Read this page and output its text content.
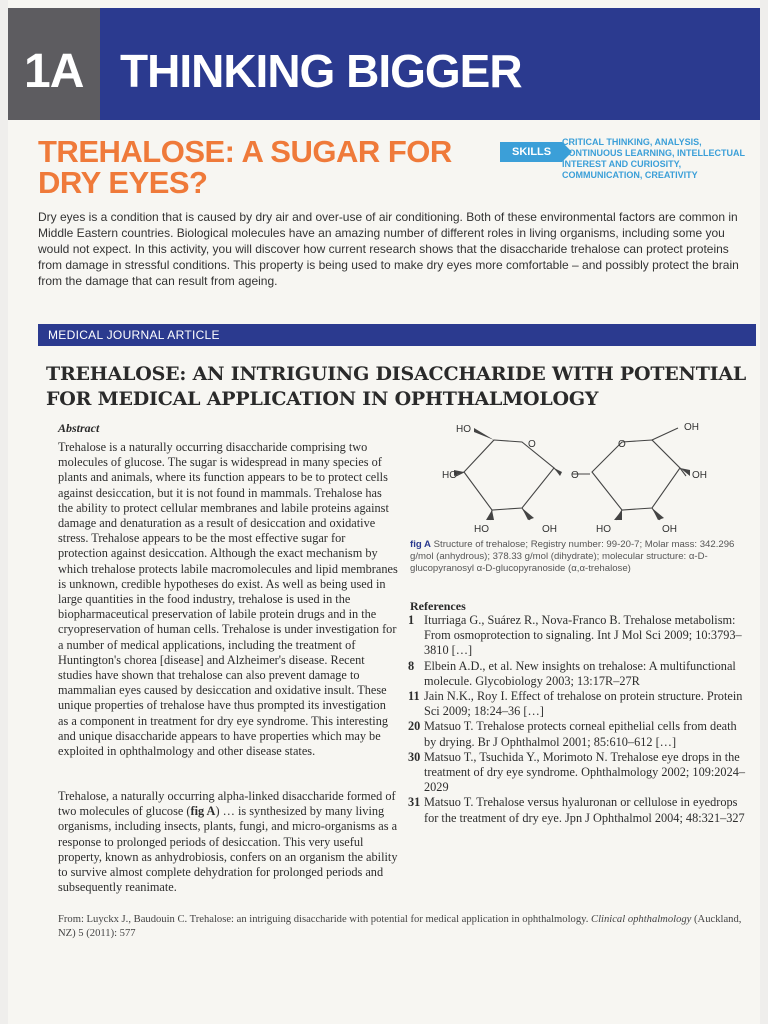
1A THINKING BIGGER
TREHALOSE: A SUGAR FOR DRY EYES?
SKILLS
CRITICAL THINKING, ANALYSIS, CONTINUOUS LEARNING, INTELLECTUAL INTEREST AND CURIOSITY, COMMUNICATION, CREATIVITY

Dry eyes is a condition that is caused by dry air and over-use of air conditioning. Both of these environmental factors are common in Middle Eastern countries. Biological molecules have an amazing number of different roles in living organisms, including some you would not expect. In this activity, you will discover how current research shows that the disaccharide trehalose can protect proteins from damage in stressful conditions. This property is being used to make dry eyes more comfortable – and possibly protect the brain from the damage that can result from ageing.

MEDICAL JOURNAL ARTICLE
TREHALOSE: AN INTRIGUING DISACCHARIDE WITH POTENTIAL FOR MEDICAL APPLICATION IN OPHTHALMOLOGY
Abstract

Trehalose is a naturally occurring disaccharide comprising two molecules of glucose. The sugar is widespread in many species of plants and animals, where its function appears to be to protect cells against desiccation, but it is not found in mammals. Trehalose has the ability to protect cellular membranes and labile proteins against damage and denaturation as a result of desiccation and oxidative stress. Trehalose appears to be the most effective sugar for protection against desiccation. Although the exact mechanism by which trehalose protects labile macromolecules and lipid membranes is unknown, credible hypotheses do exist. As well as being used in large quantities in the food industry, trehalose is used in the biopharmaceutical preservation of labile protein drugs and in the cryopreservation of human cells. Trehalose is under investigation for a number of medical applications, including the treatment of Huntington's chorea [disease] and Alzheimer's disease. Recent studies have shown that trehalose can also prevent damage to mammalian eyes caused by desiccation and oxidative insult. These unique properties of trehalose have thus prompted its investigation as a component in treatment for dry eye syndrome. This interesting and unique disaccharide appears to have properties which may be exploited in ophthalmology and other disease states.

Trehalose, a naturally occurring alpha-linked disaccharide formed of two molecules of glucose (fig A) … is synthesized by many living organisms, including insects, plants, fungi, and micro-organisms as a response to prolonged periods of desiccation. This very useful property, known as anhydrobiosis, confers on an organism the ability to survive almost complete dehydration for prolonged periods and subsequently reanimate.

HO
O
HO	O
HO	OH
O
OH
OH
HO	OH
fig A Structure of trehalose; Registry number: 99-20-7; Molar mass: 342.296 g/mol (anhydrous); 378.33 g/mol (dihydrate); molecular structure: α-D-glucopyranosyl α-D-glucopyranoside (α,α-trehalose)
References
1 Iturriaga G., Suárez R., Nova-Franco B. Trehalose metabolism: From osmoprotection to signaling. Int J Mol Sci 2009; 10:3793–3810 […]
8 Elbein A.D., et al. New insights on trehalose: A multifunctional molecule. Glycobiology 2003; 13:17R–27R
11 Jain N.K., Roy I. Effect of trehalose on protein structure. Protein Sci 2009; 18:24–36 […]
20 Matsuo T. Trehalose protects corneal epithelial cells from death by drying. Br J Ophthalmol 2001; 85:610–612 […]
30 Matsuo T., Tsuchida Y., Morimoto N. Trehalose eye drops in the treatment of dry eye syndrome. Ophthalmology 2002; 109:2024–2029
31 Matsuo T. Trehalose versus hyaluronan or cellulose in eyedrops for the treatment of dry eye. Jpn J Ophthalmol 2004; 48:321–327

From: Luyckx J., Baudouin C. Trehalose: an intriguing disaccharide with potential for medical application in ophthalmology. Clinical ophthalmology (Auckland, NZ) 5 (2011): 577
